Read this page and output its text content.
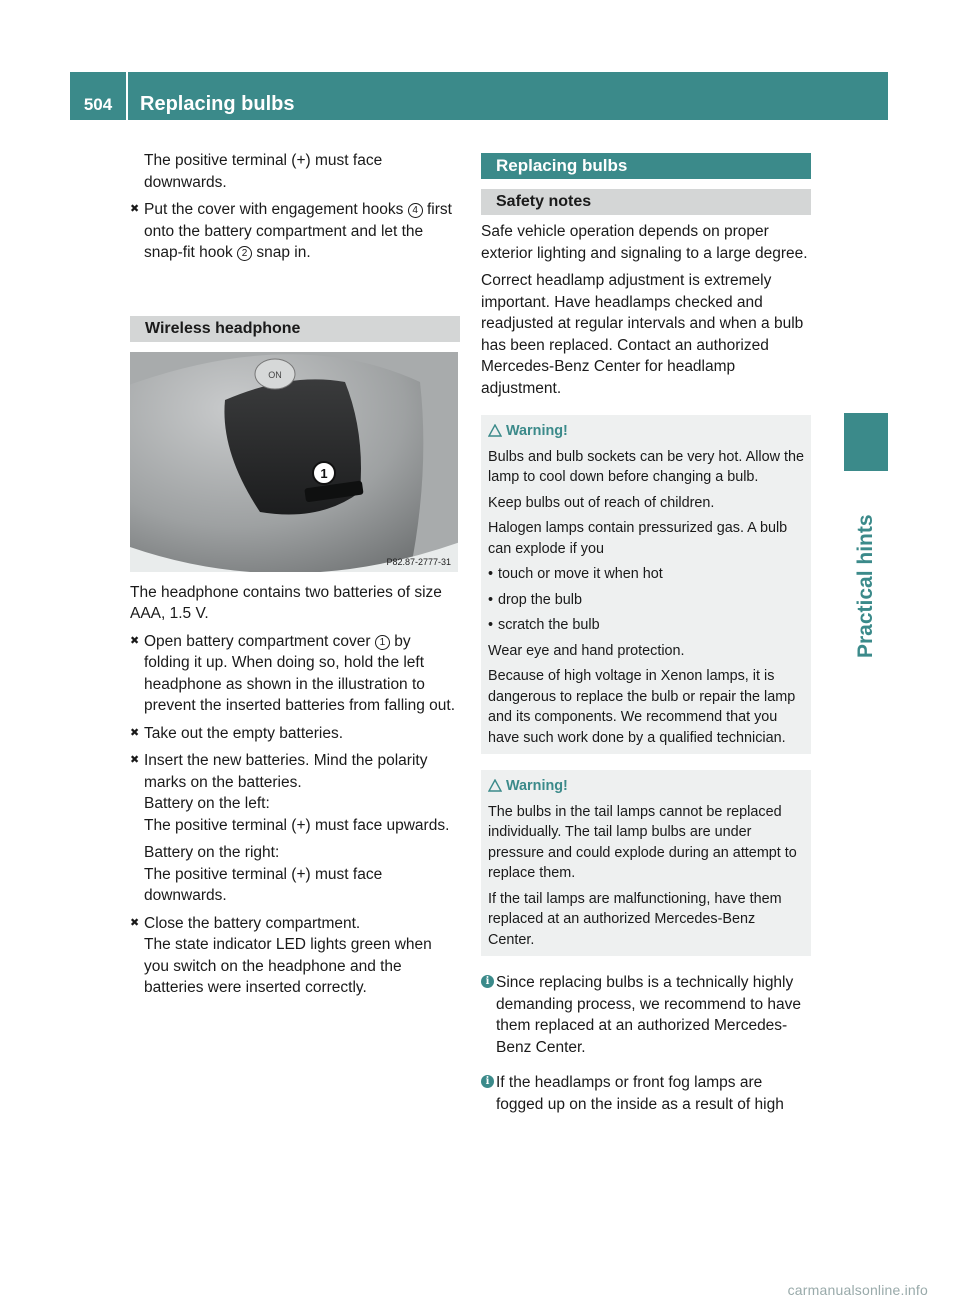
504	Replacing bulbs
Practical hints

The positive terminal (+) must face
downwards.

✖ Put the cover with engagement hooks 4 first onto the battery compartment and let the snap-fit hook 2 snap in.
Wireless headphone
ON
1
P82.87-2777-31

The headphone contains two batteries of size AAA, 1.5 V.

✖ Open battery compartment cover 1 by folding it up. When doing so, hold the left headphone as shown in the illustration to prevent the inserted batteries from falling out.
✖ Take out the empty batteries.
✖ Insert the new batteries. Mind the polarity marks on the batteries.
Battery on the left:
The positive terminal (+) must face upwards.

Battery on the right:
The positive terminal (+) must face downwards.

✖ Close the battery compartment.
The state indicator LED lights green when you switch on the headphone and the batteries were inserted correctly.
Replacing bulbs
Safety notes

Safe vehicle operation depends on proper exterior lighting and signaling to a large degree.

Correct headlamp adjustment is extremely important. Have headlamps checked and readjusted at regular intervals and when a bulb has been replaced. Contact an authorized Mercedes-Benz Center for headlamp adjustment.

Warning!

Bulbs and bulb sockets can be very hot. Allow the lamp to cool down before changing a bulb.

Keep bulbs out of reach of children.

Halogen lamps contain pressurized gas. A bulb can explode if you

• touch or move it when hot
• drop the bulb
• scratch the bulb

Wear eye and hand protection.

Because of high voltage in Xenon lamps, it is dangerous to replace the bulb or repair the lamp and its components. We recommend that you have such work done by a qualified technician.

Warning!

The bulbs in the tail lamps cannot be replaced individually. The tail lamp bulbs are under pressure and could explode during an attempt to replace them.

If the tail lamps are malfunctioning, have them replaced at an authorized Mercedes-Benz Center.

i Since replacing bulbs is a technically highly demanding process, we recommend to have them replaced at an authorized Mercedes-Benz Center.
i If the headlamps or front fog lamps are fogged up on the inside as a result of high
carmanualsonline.info
